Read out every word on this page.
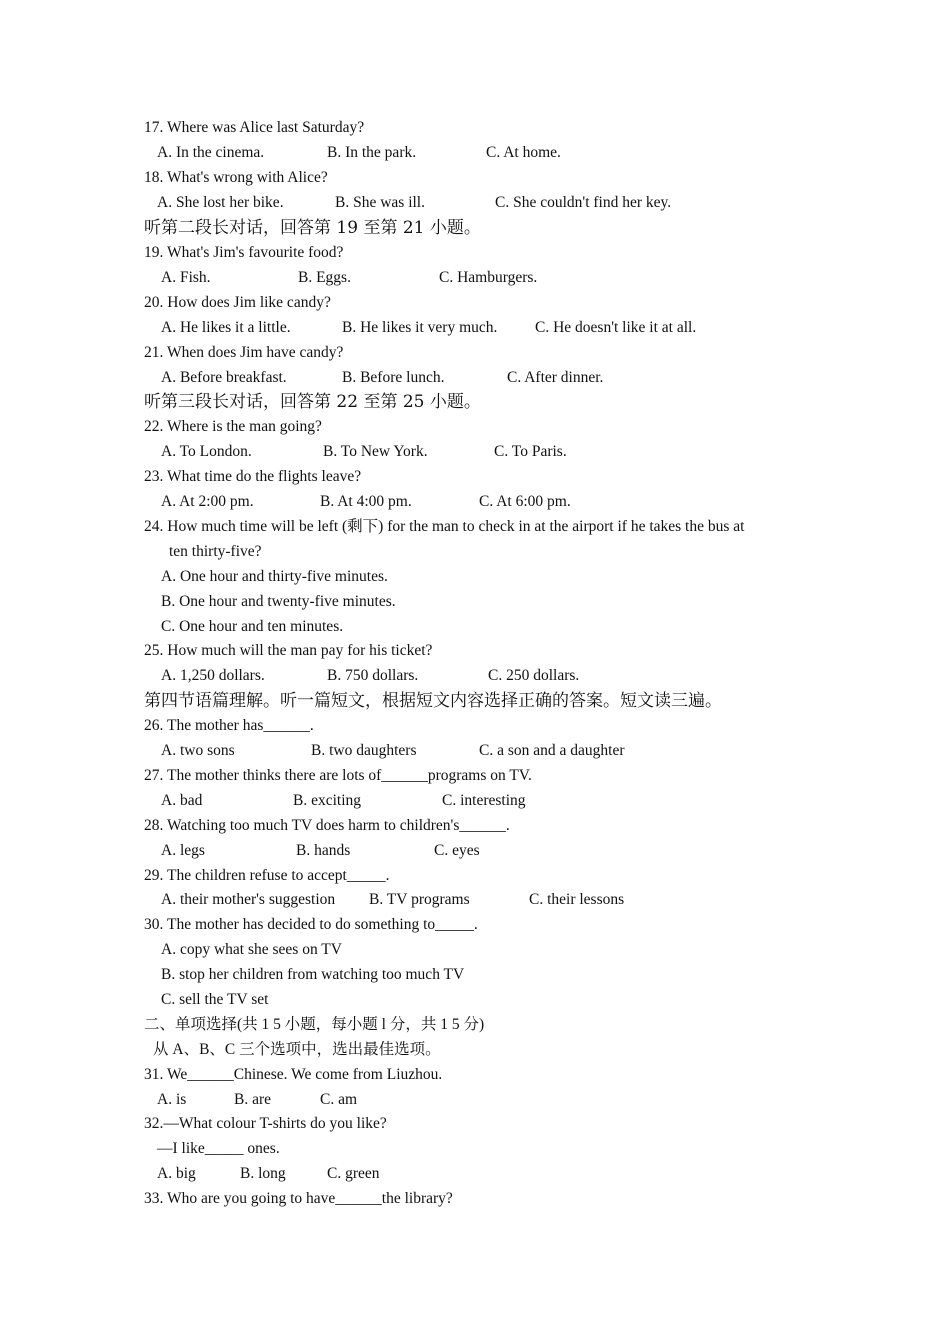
17. Where was Alice last Saturday?
A. In the cinema.	B. In the park.	C. At home.
18. What's wrong with Alice?
A. She lost her bike.	B. She was ill.	C. She couldn't find her key.
听第二段长对话，回答第 19 至第 21 小题。
19. What's Jim's favourite food?
A. Fish.	B. Eggs.	C. Hamburgers.
20. How does Jim like candy?
A. He likes it a little.	B. He likes it very much. C. He doesn't like it at all.
21. When does Jim have candy?
A. Before breakfast.	B. Before lunch.	C. After dinner.
听第三段长对话，回答第 22 至第 25 小题。
22. Where is the man going?
A. To London.	B. To New York.	C. To Paris.
23. What time do the flights leave?
A. At 2:00 pm.	B. At 4:00 pm.	C. At 6:00 pm.
24. How much time will be left (剩下) for the man to check in at the airport if he takes the bus at
ten thirty-five?
A. One hour and thirty-five minutes.
B. One hour and twenty-five minutes.
C. One hour and ten minutes.
25. How much will the man pay for his ticket?
A. 1,250 dollars.	B. 750 dollars.	C. 250 dollars.
第四节语篇理解。听一篇短文，根据短文内容选择正确的答案。短文读三遍。
26. The mother has______.
A. two sons	B. two daughters	C. a son and a daughter
27. The mother thinks there are lots of______programs on TV.
A. bad	B. exciting	C. interesting
28. Watching too much TV does harm to children's______.
A. legs	B. hands	C. eyes
29. The children refuse to accept_____.
A. their mother's suggestion B. TV programs	C. their lessons
30. The mother has decided to do something to_____.
A. copy what she sees on TV
B. stop her children from watching too much TV
C. sell the TV set
二、单项选择(共 1 5 小题，每小题 l 分，共 1 5 分)
从 A、B、C 三个选项中，选出最佳选项。
31. We______Chinese. We come from Liuzhou.
A. is	B. are	C. am
32.—What colour T-shirts do you like?
—I like_____ ones.
A. big	B. long	C. green
33. Who are you going to have______the library?
